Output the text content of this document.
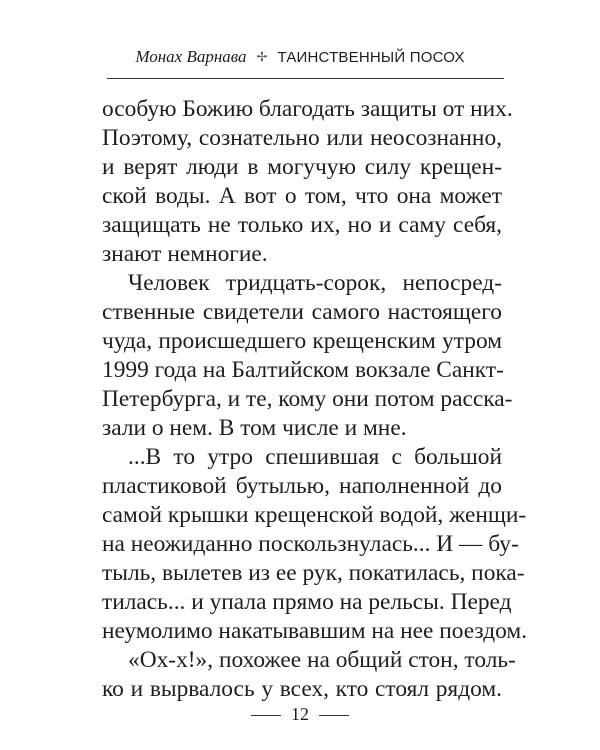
Монах Варнава ✢ ТАИНСТВЕННЫЙ ПОСОХ
особую Божию благодать защиты от них.
Поэтому, сознательно или неосознанно,
и верят люди в могучую силу крещен-
ской воды. А вот о том, что она может
защищать не только их, но и саму себя,
знают немногие.
Человек тридцать-сорок, непосред-
ственные свидетели самого настоящего
чуда, происшедшего крещенским утром
1999 года на Балтийском вокзале Санкт-
Петербурга, и те, кому они потом расска-
зали о нем. В том числе и мне.
...В то утро спешившая с большой
пластиковой бутылью, наполненной до
самой крышки крещенской водой, женщи-
на неожиданно поскользнулась... И — бу-
тыль, вылетев из ее рук, покатилась, пока-
тилась... и упала прямо на рельсы. Перед
неумолимо накатывавшим на нее поездом.
«Ох-х!», похожее на общий стон, толь-
ко и вырвалось у всех, кто стоял рядом.
12
